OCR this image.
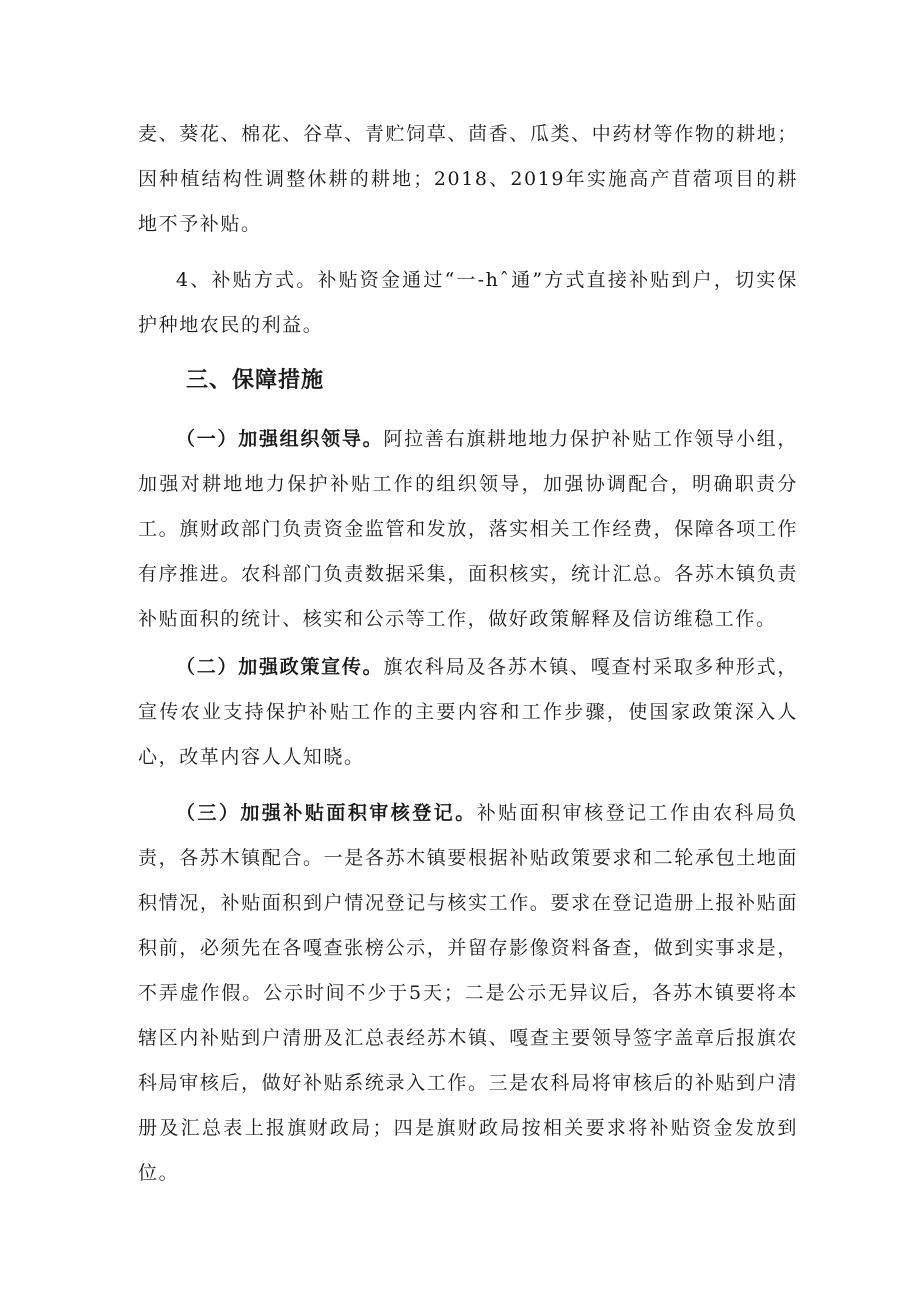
麦、葵花、棉花、谷草、青贮饲草、茴香、瓜类、中药材等作物的耕地；因种植结构性调整休耕的耕地；2018、2019年实施高产苜蓿项目的耕地不予补贴。

4、补贴方式。补贴资金通过“一-hˆ通”方式直接补贴到户，切实保护种地农民的利益。

三、保障措施

（一）加强组织领导。阿拉善右旗耕地地力保护补贴工作领导小组，加强对耕地地力保护补贴工作的组织领导，加强协调配合，明确职责分工。旗财政部门负责资金监管和发放，落实相关工作经费，保障各项工作有序推进。农科部门负责数据采集，面积核实，统计汇总。各苏木镇负责补贴面积的统计、核实和公示等工作，做好政策解释及信访维稳工作。

（二）加强政策宣传。旗农科局及各苏木镇、嘎查村采取多种形式，宣传农业支持保护补贴工作的主要内容和工作步骤，使国家政策深入人心，改革内容人人知晓。

（三）加强补贴面积审核登记。补贴面积审核登记工作由农科局负责，各苏木镇配合。一是各苏木镇要根据补贴政策要求和二轮承包土地面积情况，补贴面积到户情况登记与核实工作。要求在登记造册上报补贴面积前，必须先在各嘎查张榜公示，并留存影像资料备查，做到实事求是，不弄虚作假。公示时间不少于5天；二是公示无异议后，各苏木镇要将本辖区内补贴到户清册及汇总表经苏木镇、嘎查主要领导签字盖章后报旗农科局审核后，做好补贴系统录入工作。三是农科局将审核后的补贴到户清册及汇总表上报旗财政局；四是旗财政局按相关要求将补贴资金发放到位。
